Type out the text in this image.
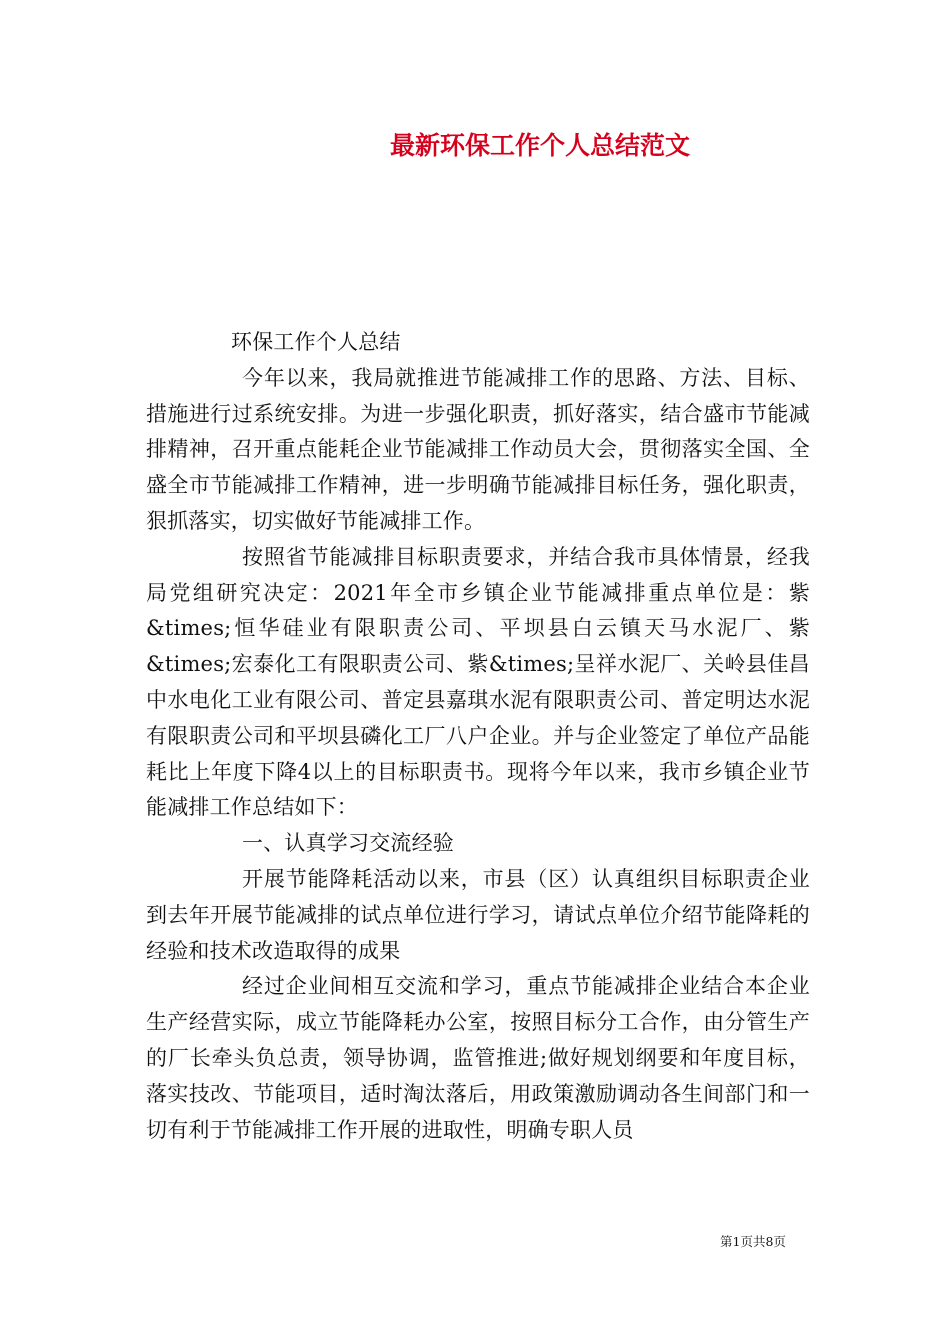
最新环保工作个人总结范文

环保工作个人总结

今年以来，我局就推进节能减排工作的思路、方法、目标、措施进行过系统安排。为进一步强化职责，抓好落实，结合盛市节能减排精神，召开重点能耗企业节能减排工作动员大会，贯彻落实全国、全盛全市节能减排工作精神，进一步明确节能减排目标任务，强化职责，狠抓落实，切实做好节能减排工作。

按照省节能减排目标职责要求，并结合我市具体情景，经我局党组研究决定：2021年全市乡镇企业节能减排重点单位是：紫&times;恒华硅业有限职责公司、平坝县白云镇天马水泥厂、紫&times;宏泰化工有限职责公司、紫&times;呈祥水泥厂、关岭县佳昌中水电化工业有限公司、普定县嘉琪水泥有限职责公司、普定明达水泥有限职责公司和平坝县磷化工厂八户企业。并与企业签定了单位产品能耗比上年度下降4以上的目标职责书。现将今年以来，我市乡镇企业节能减排工作总结如下：

一、认真学习交流经验

开展节能降耗活动以来，市县（区）认真组织目标职责企业到去年开展节能减排的试点单位进行学习，请试点单位介绍节能降耗的经验和技术改造取得的成果

经过企业间相互交流和学习，重点节能减排企业结合本企业生产经营实际，成立节能降耗办公室，按照目标分工合作，由分管生产的厂长牵头负总责，领导协调，监管推进;做好规划纲要和年度目标，落实技改、节能项目，适时淘汰落后，用政策激励调动各生间部门和一切有利于节能减排工作开展的进取性，明确专职人员

第1页共8页
